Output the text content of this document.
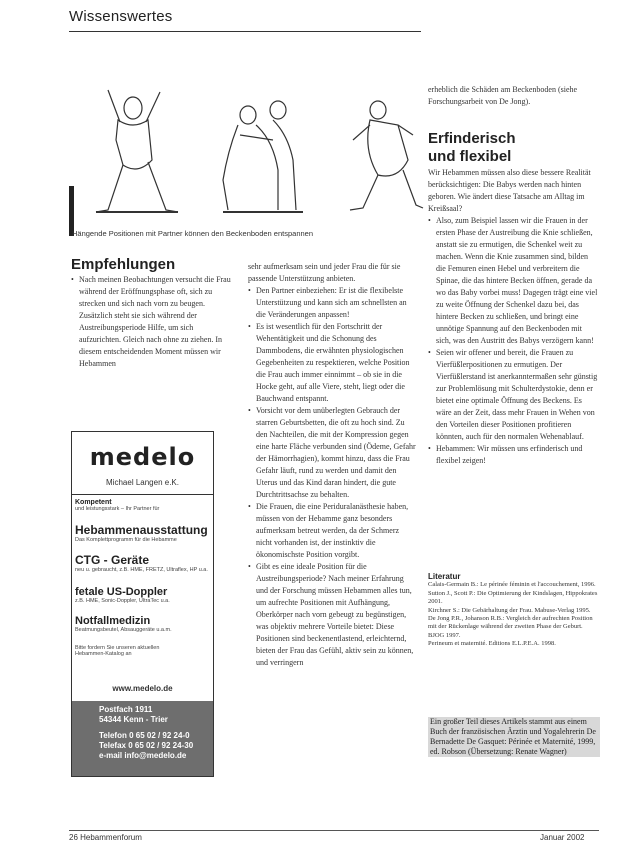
Wissenswertes
Hängende Positionen mit Partner können den Beckenboden entspannen
Empfehlungen
• Nach meinen Beobachtungen versucht die Frau während der Eröffnungsphase oft, sich zu strecken und sich nach vorn zu beugen. Zusätzlich steht sie sich während der Austreibungsperiode Hilfe, um sich aufzurichten. Gleich nach ohne zu ziehen. In diesem entscheidenden Moment müssen wir Hebammen

sehr aufmerksam sein und jeder Frau die für sie passende Unterstützung anbieten.

• Den Partner einbeziehen: Er ist die flexibelste Unterstützung und kann sich am schnellsten an die Veränderungen anpassen!
• Es ist wesentlich für den Fortschritt der Wehentätigkeit und die Schonung des Dammbodens, die erwähnten physiologischen Gegebenheiten zu respektieren, welche Position die Frau auch immer einnimmt – ob sie in die Hocke geht, auf alle Viere, steht, liegt oder die Bauchwand entspannt.
• Vorsicht vor dem unüberlegten Gebrauch der starren Geburtsbetten, die oft zu hoch sind. Zu den Nachteilen, die mit der Kompression gegen eine harte Fläche verbunden sind (Ödeme, Gefahr der Hämorrhagien), kommt hinzu, dass die Frau Gefahr läuft, rund zu werden und damit den Uterus und das Kind daran hindert, die gute Durchtrittsachse zu behalten.
• Die Frauen, die eine Periduralanästhesie haben, müssen von der Hebamme ganz besonders aufmerksam betreut werden, da der Schmerz nicht vorhanden ist, der instinktiv die ökonomischste Position vorgibt.
• Gibt es eine ideale Position für die Austreibungsperiode? Nach meiner Erfahrung und der Forschung müssen Hebammen alles tun, um aufrechte Positionen mit Aufhängung, Oberkörper nach vorn gebeugt zu begünstigen, was objektiv mehrere Vorteile bietet: Diese Positionen sind beckenentlastend, erleichternd, bieten der Frau das Gefühl, aktiv sein zu können, und verringern
erheblich die Schäden am Beckenboden (siehe Forschungsarbeit von De Jong).
Erfinderisch
und flexibel

Wir Hebammen müssen also diese bessere Realität berücksichtigen: Die Babys werden nach hinten geboren. Wie ändert diese Tatsache am Alltag im Kreißsaal?

• Also, zum Beispiel lassen wir die Frauen in der ersten Phase der Austreibung die Knie schließen, anstatt sie zu ermutigen, die Schenkel weit zu machen. Wenn die Knie zusammen sind, bilden die Femuren einen Hebel und verbreitern die Spinae, die das hintere Becken öffnen, gerade da wo das Baby vorbei muss! Dagegen trägt eine viel zu weite Öffnung der Schenkel dazu bei, das hintere Becken zu schließen, und bringt eine unnötige Spannung auf den Beckenboden mit sich, was den Austritt des Babys verzögern kann!
• Seien wir offener und bereit, die Frauen zu Vierfüßlerpositionen zu ermutigen. Der Vierfüßlerstand ist anerkanntermaßen sehr günstig zur Problemlösung mit Schulterdystokie, denn er bietet eine optimale Öffnung des Beckens. Es wäre an der Zeit, dass mehr Frauen in Wehen von den Vorteilen dieser Positionen profitieren könnten, auch für den normalen Wehenablauf.
• Hebammen: Wir müssen uns erfinderisch und flexibel zeigen!
medelo
Michael Langen e.K.
Kompetent
und leistungsstark – Ihr Partner für
Hebammenausstattung
Das Komplettprogramm für die Hebamme
CTG - Geräte
neu u. gebraucht, z.B. HME, FRETZ, Ultraflex, HP u.a.
fetale US-Doppler
z.B. HME, Sonic-Doppler, UltraTec u.a.
Notfallmedizin
Beatmungsbeutel, Absauggeräte u.a.m.
Bitte fordern Sie unseren aktuellen Hebammen-Katalog an
www.medelo.de
Postfach 1911
54344 Kenn - Trier
Telefon 0 65 02 / 92 24-0
Telefax 0 65 02 / 92 24-30
e-mail info@medelo.de
Literatur

Calais-Germain B.: Le périnée féminin et l'accouchement, 1996.

Sutton J., Scott P.: Die Optimierung der Kindslagen, Hippokrates 2001.

Kirchner S.: Die Gebärhaltung der Frau. Mabuse-Verlag 1995.

De Jong P.R., Johanson R.B.: Vergleich der aufrechten Position mit der Rückenlage während der zweiten Phase der Geburt. BJOG 1997.

Perineum et maternité. Editions E.L.P.E.A. 1998.

Ein großer Teil dieses Artikels stammt aus einem Buch der französischen Ärztin und Yogalehrerin De Bernadette De Gasquet: Périnée et Maternité, 1999, ed. Robson (Übersetzung: Renate Wagner)
26 Hebammenforum	Januar 2002
